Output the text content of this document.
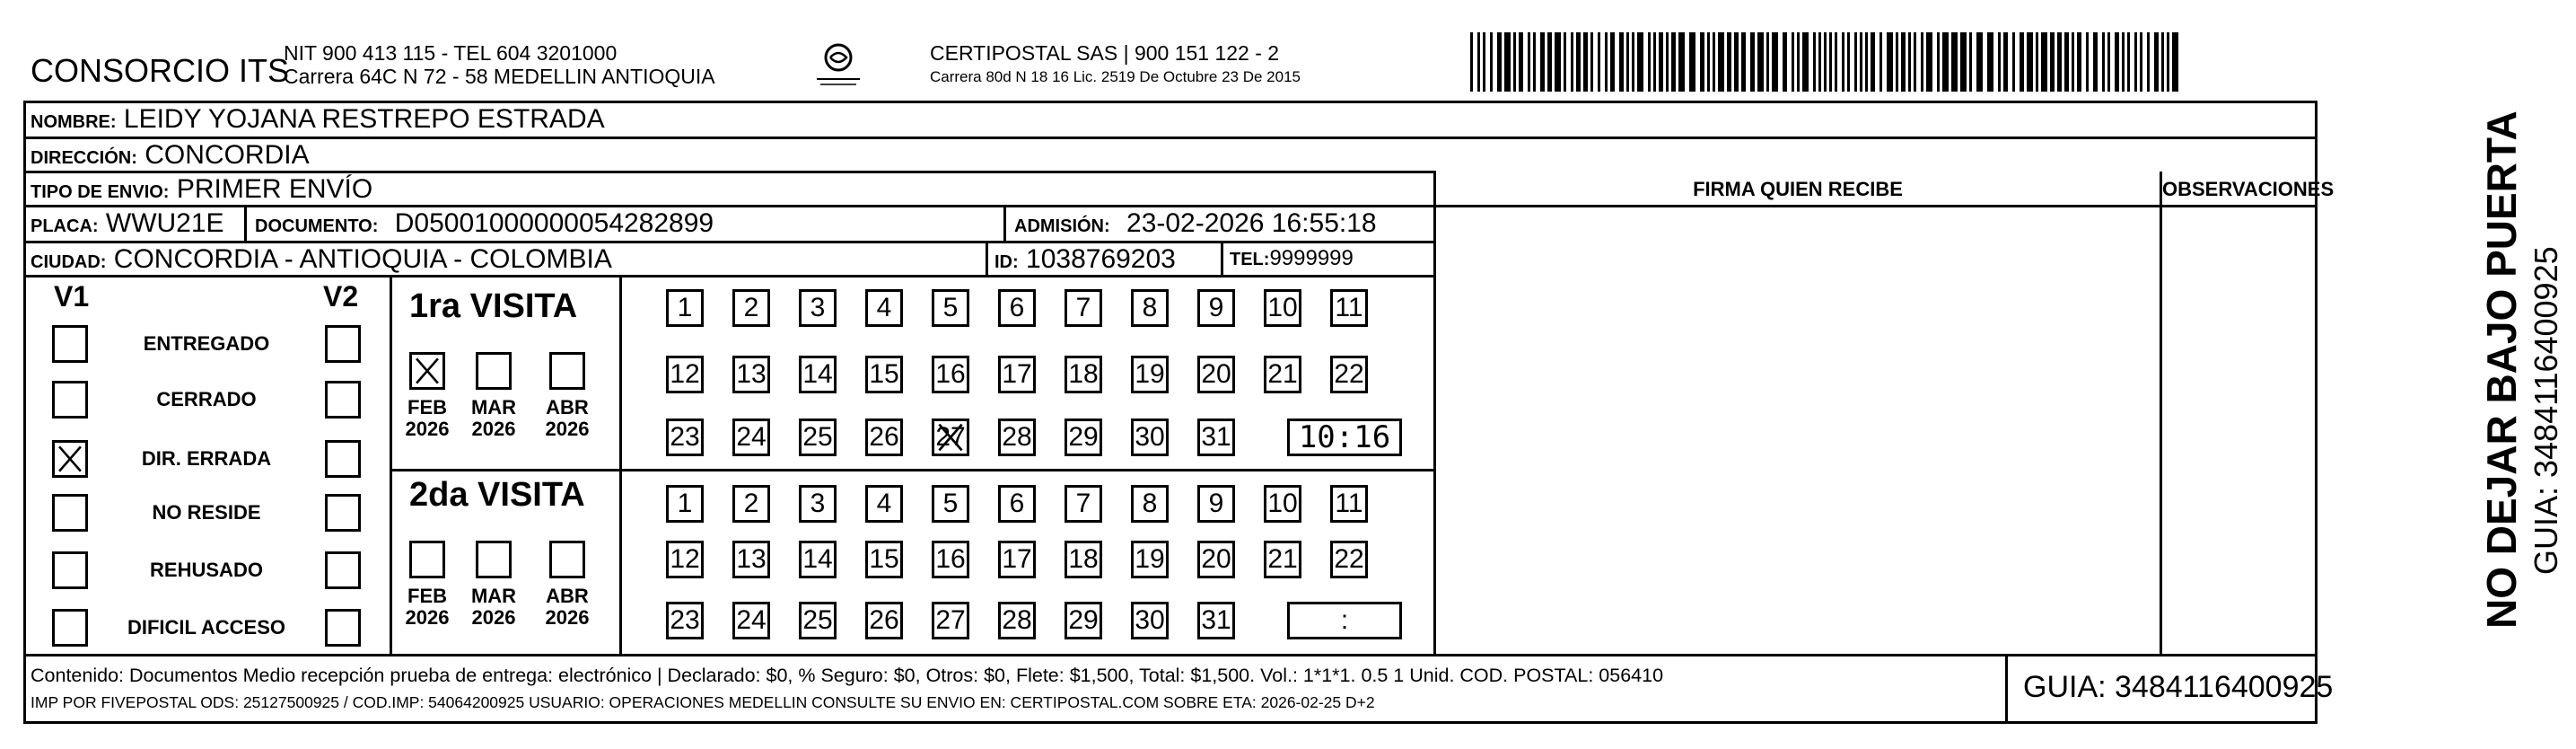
CONSORCIO ITS
NIT 900 413 115 - TEL 604 3201000
Carrera 64C N 72 - 58 MEDELLIN ANTIOQUIA
CERTIPOSTAL SAS | 900 151 122 - 2
Carrera 80d N 18 16 Lic. 2519 De Octubre 23 De 2015
FIRMA QUIEN RECIBE	OBSERVACIONES
NOMBRE: LEIDY YOJANA RESTREPO ESTRADA
DIRECCIÓN: CONCORDIA
TIPO DE ENVIO: PRIMER ENVÍO
PLACA: WWU21E DOCUMENTO: D05001000000054282899	ADMISIÓN: 23-02-2026 16:55:18
CIUDAD: CONCORDIA - ANTIOQUIA - COLOMBIA	ID: 1038769203	TEL:9999999
V1	V2
ENTREGADO
CERRADO
DIR. ERRADA
NO RESIDE
REHUSADO
DIFICIL ACCESO
1ra VISITA
2da VISITA
FEB
2026
MAR
2026
ABR
2026
FEB
2026
MAR
2026
ABR
2026
1	2	3	4	5	6	7	8	9	10 11
12 13 14 15 16 17 18 19 20 21 22
23 24 25 26 27 28 29 30 31	10:16
1	2	3	4	5	6	7	8	9	10 11
12 13 14 15 16 17 18 19 20 21 22
23 24 25 26 27 28 29 30 31	:	NO DEJAR BAJO PUERTA GUIA: 3484116400925
Contenido: Documentos Medio recepción prueba de entrega: electrónico | Declarado: $0, % Seguro: $0, Otros: $0, Flete: $1,500, Total: $1,500. Vol.: 1*1*1. 0.5 1 Unid. COD. POSTAL: 056410
IMP POR FIVEPOSTAL ODS: 25127500925 / COD.IMP: 54064200925 USUARIO: OPERACIONES MEDELLIN CONSULTE SU ENVIO EN: CERTIPOSTAL.COM SOBRE ETA: 2026-02-25 D+2	GUIA: 3484116400925
